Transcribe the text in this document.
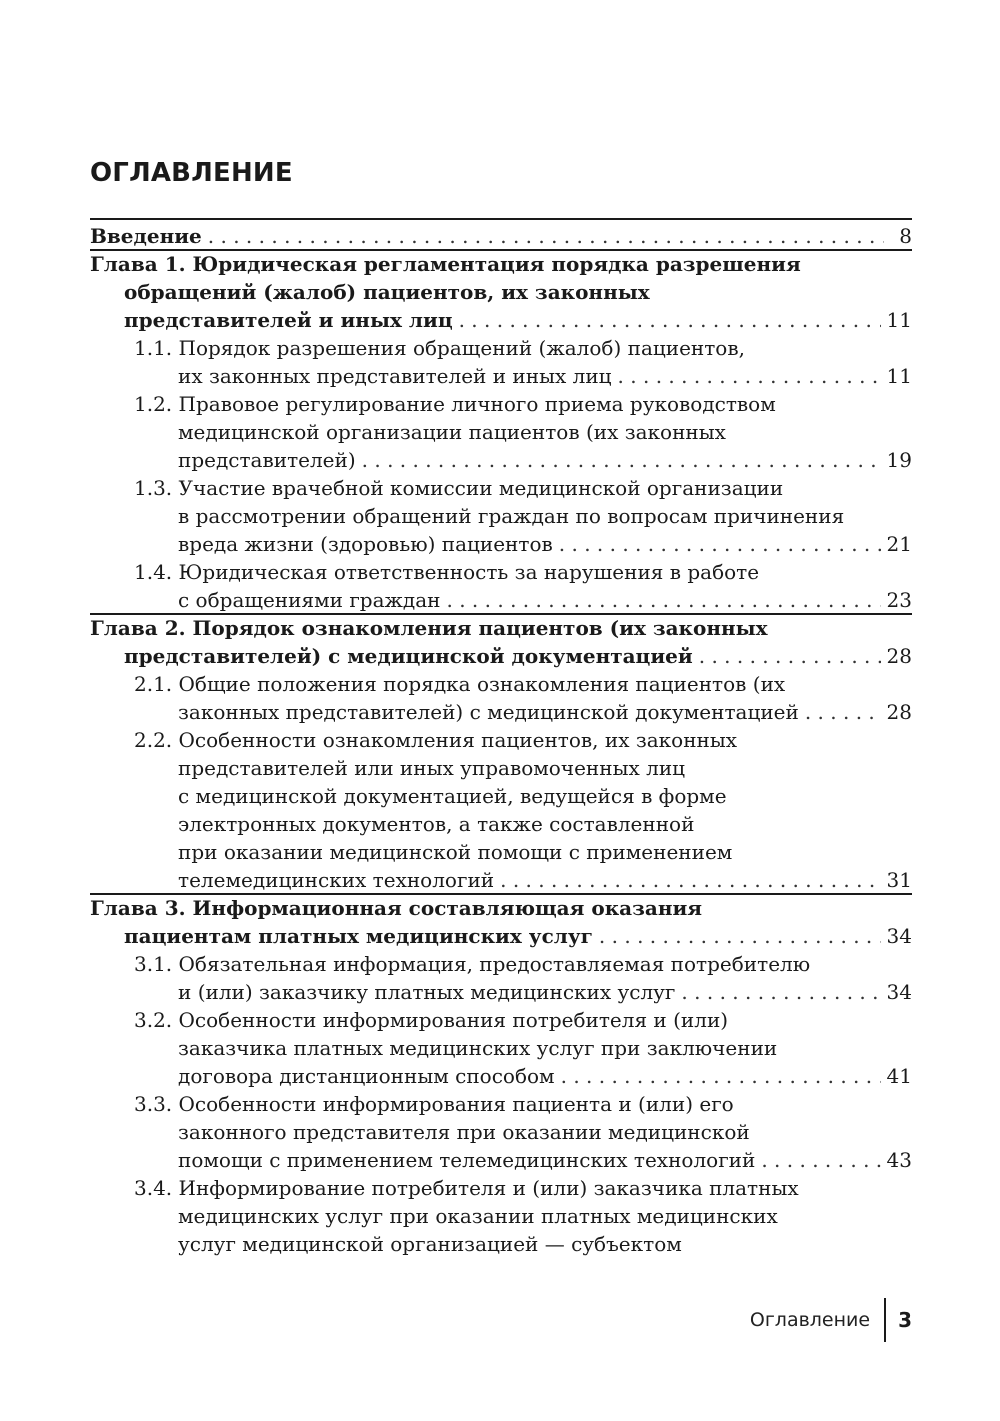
ОГЛАВЛЕНИЕ
Введение . . .	8
Глава 1. Юридическая регламентация порядка разрешения
обращений (жалоб) пациентов, их законных
представителей и иных лиц . . .	11
1.1. Порядок разрешения обращений (жалоб) пациентов,
их законных представителей и иных лиц . . .	11
1.2. Правовое регулирование личного приема руководством
медицинской организации пациентов (их законных
представителей) . . .	19
1.3. Участие врачебной комиссии медицинской организации
в рассмотрении обращений граждан по вопросам причинения
вреда жизни (здоровью) пациентов . . .	21
1.4. Юридическая ответственность за нарушения в работе
с обращениями граждан . . .	23
Глава 2. Порядок ознакомления пациентов (их законных
представителей) с медицинской документацией . . .	28
2.1. Общие положения порядка ознакомления пациентов (их
законных представителей) с медицинской документацией . . .	28
2.2. Особенности ознакомления пациентов, их законных
представителей или иных управомоченных лиц
с медицинской документацией, ведущейся в форме
электронных документов, а также составленной
при оказании медицинской помощи с применением
телемедицинских технологий . . .	31
Глава 3. Информационная составляющая оказания
пациентам платных медицинских услуг . . .	34
3.1. Обязательная информация, предоставляемая потребителю
и (или) заказчику платных медицинских услуг . . .	34
3.2. Особенности информирования потребителя и (или)
заказчика платных медицинских услуг при заключении
договора дистанционным способом . . .	41
3.3. Особенности информирования пациента и (или) его
законного представителя при оказании медицинской
помощи с применением телемедицинских технологий . . .	43
3.4. Информирование потребителя и (или) заказчика платных
медицинских услуг при оказании платных медицинских
услуг медицинской организацией — субъектом
Оглавление	3
